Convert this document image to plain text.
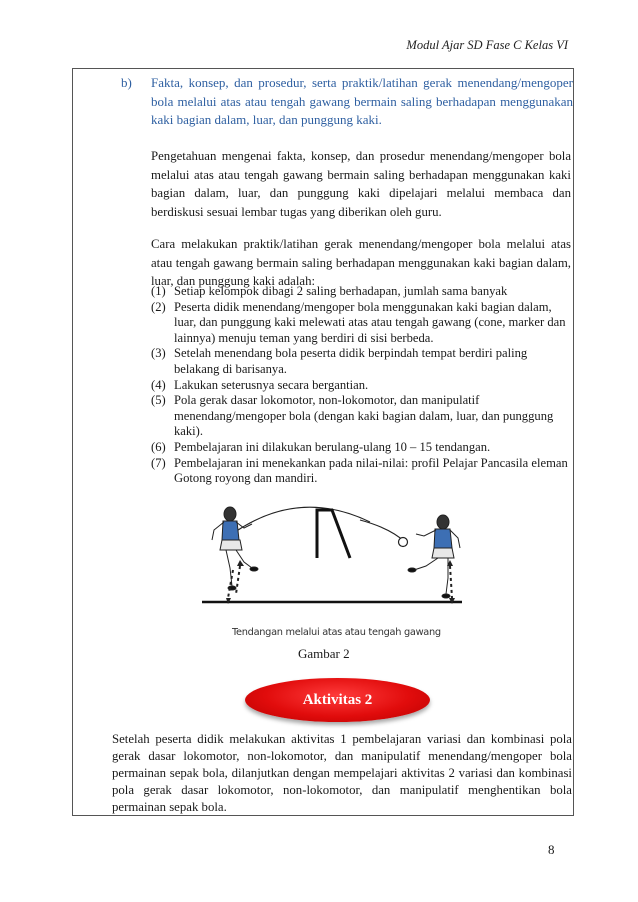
Modul Ajar SD Fase C Kelas VI
b) Fakta, konsep, dan prosedur, serta praktik/latihan gerak menendang/mengoper bola melalui atas atau tengah gawang bermain saling berhadapan menggunakan kaki bagian dalam, luar, dan punggung kaki.
Pengetahuan mengenai fakta, konsep, dan prosedur menendang/mengoper bola melalui atas atau tengah gawang bermain saling berhadapan menggunakan kaki bagian dalam, luar, dan punggung kaki dipelajari melalui membaca dan berdiskusi sesuai lembar tugas yang diberikan oleh guru.
Cara melakukan praktik/latihan gerak menendang/mengoper bola melalui atas atau tengah gawang bermain saling berhadapan menggunakan kaki bagian dalam, luar, dan punggung kaki adalah:
(1) Setiap kelompok dibagi 2 saling berhadapan, jumlah sama banyak
(2) Peserta didik menendang/mengoper bola menggunakan kaki bagian dalam, luar, dan punggung kaki melewati atas atau tengah gawang (cone, marker dan lainnya) menuju teman yang berdiri di sisi berbeda.
(3) Setelah menendang bola peserta didik berpindah tempat berdiri paling belakang di barisanya.
(4) Lakukan seterusnya secara bergantian.
(5) Pola gerak dasar lokomotor, non-lokomotor, dan manipulatif menendang/mengoper bola (dengan kaki bagian dalam, luar, dan punggung kaki).
(6) Pembelajaran ini dilakukan berulang-ulang 10 – 15 tendangan.
(7) Pembelajaran ini menekankan pada nilai-nilai: profil Pelajar Pancasila eleman Gotong royong dan mandiri.
Tendangan melalui atas atau tengah gawang
Gambar 2
Aktivitas 2
Setelah peserta didik melakukan aktivitas 1 pembelajaran variasi dan kombinasi pola gerak dasar lokomotor, non-lokomotor, dan manipulatif menendang/mengoper bola permainan sepak bola, dilanjutkan dengan mempelajari aktivitas 2 variasi dan kombinasi pola gerak dasar lokomotor, non-lokomotor, dan manipulatif menghentikan bola permainan sepak bola.
8
